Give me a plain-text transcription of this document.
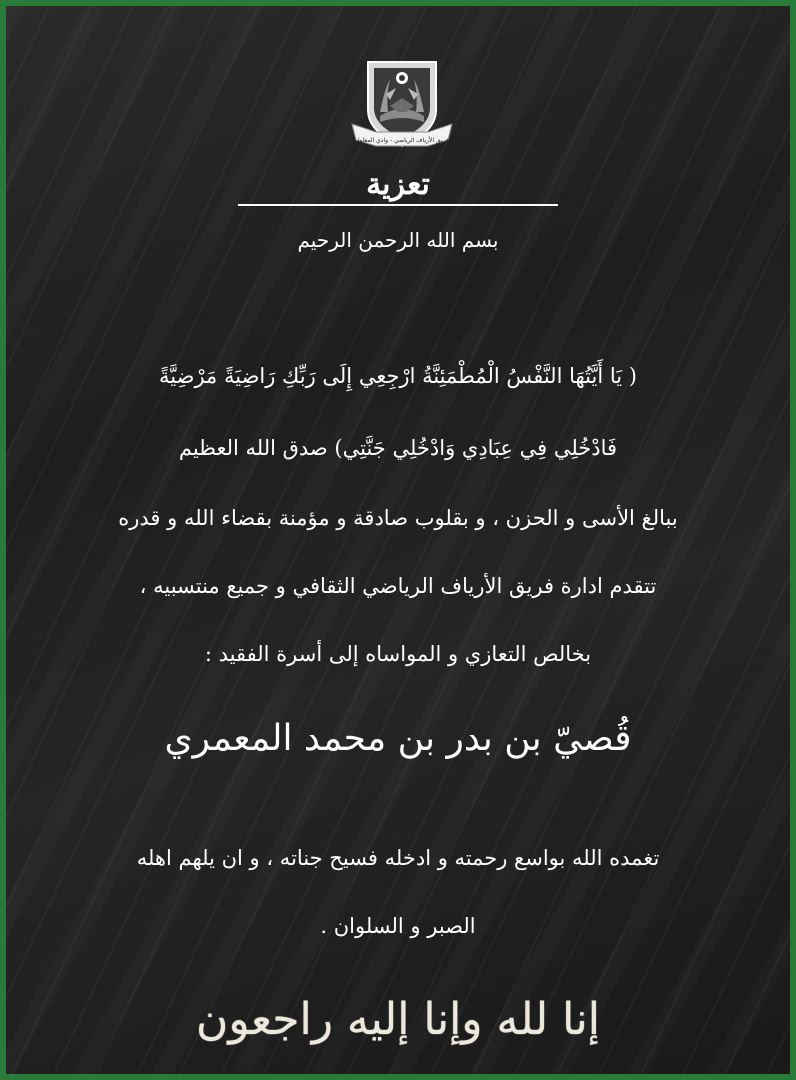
فريق الأرياف الرياضي - وادي المعاول
تعزية
بسم الله الرحمن الرحيم
( يَا أَيَّتُهَا النَّفْسُ الْمُطْمَئِنَّةُ ارْجِعِي إِلَى رَبِّكِ رَاضِيَةً مَرْضِيَّةً
فَادْخُلِي فِي عِبَادِي وَادْخُلِي جَنَّتِي) صدق الله العظيم
ببالغ الأسى و الحزن ، و بقلوب صادقة و مؤمنة بقضاء الله و قدره
تتقدم ادارة فريق الأرياف الرياضي الثقافي و جميع منتسبيه ،
بخالص التعازي و المواساه إلى أسرة الفقيد :
قُصيّ بن بدر بن محمد المعمري
تغمده الله بواسع رحمته و ادخله فسيح جناته ، و ان يلهم اهله
الصبر و السلوان .
إنا لله وإنا إليه راجعون
